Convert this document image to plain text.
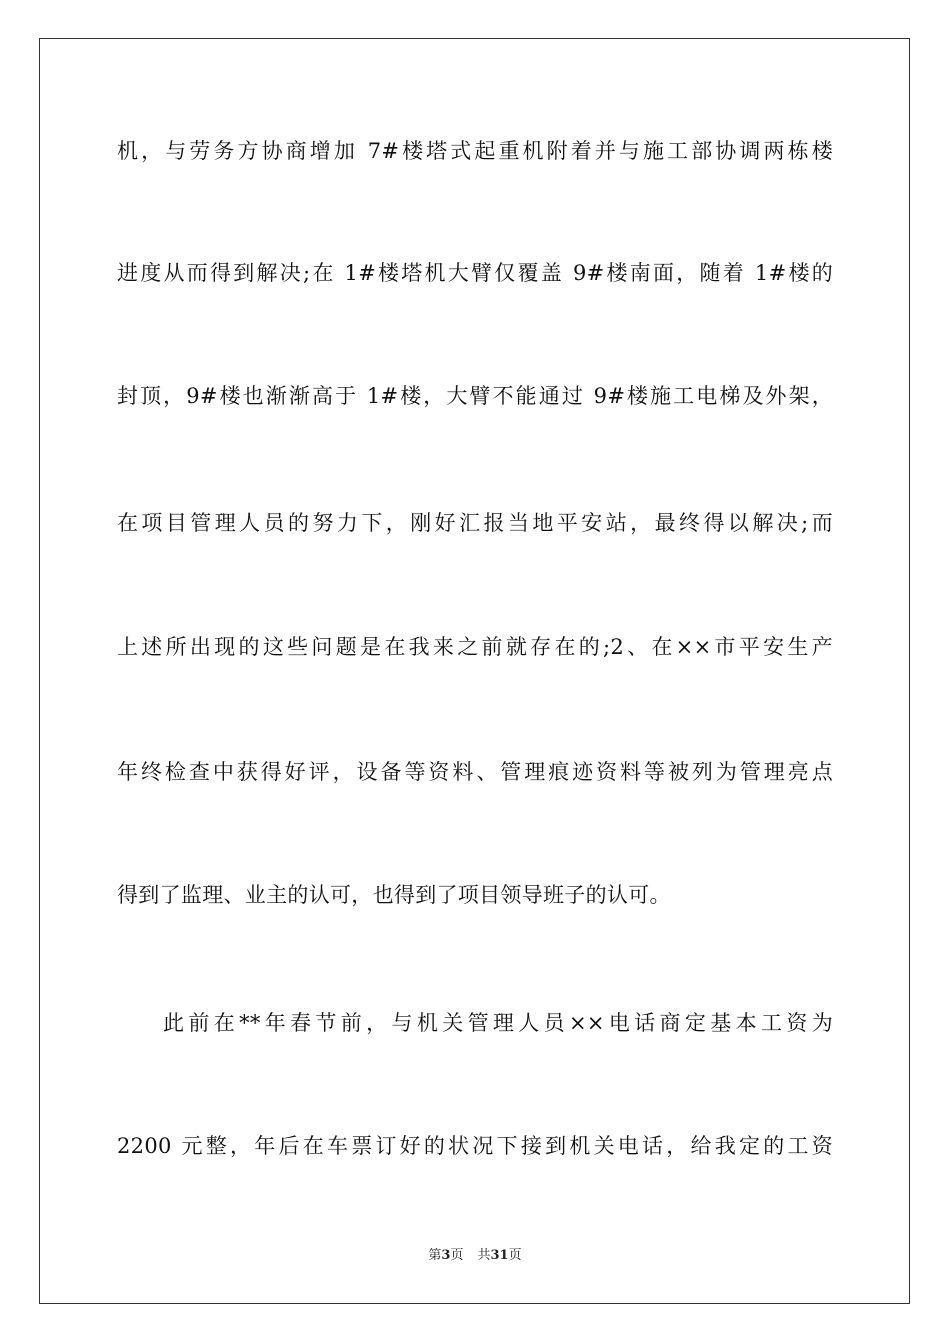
机，与劳务方协商增加 7#楼塔式起重机附着并与施工部协调两栋楼
进度从而得到解决;在 1#楼塔机大臂仅覆盖 9#楼南面，随着 1#楼的
封顶，9#楼也渐渐高于 1#楼，大臂不能通过 9#楼施工电梯及外架，
在项目管理人员的努力下，刚好汇报当地平安站，最终得以解决;而
上述所出现的这些问题是在我来之前就存在的;2、在××市平安生产
年终检查中获得好评，设备等资料、管理痕迹资料等被列为管理亮点
得到了监理、业主的认可，也得到了项目领导班子的认可。
此前在**年春节前，与机关管理人员××电话商定基本工资为
2200 元整，年后在车票订好的状况下接到机关电话，给我定的工资
第3页 共31页
